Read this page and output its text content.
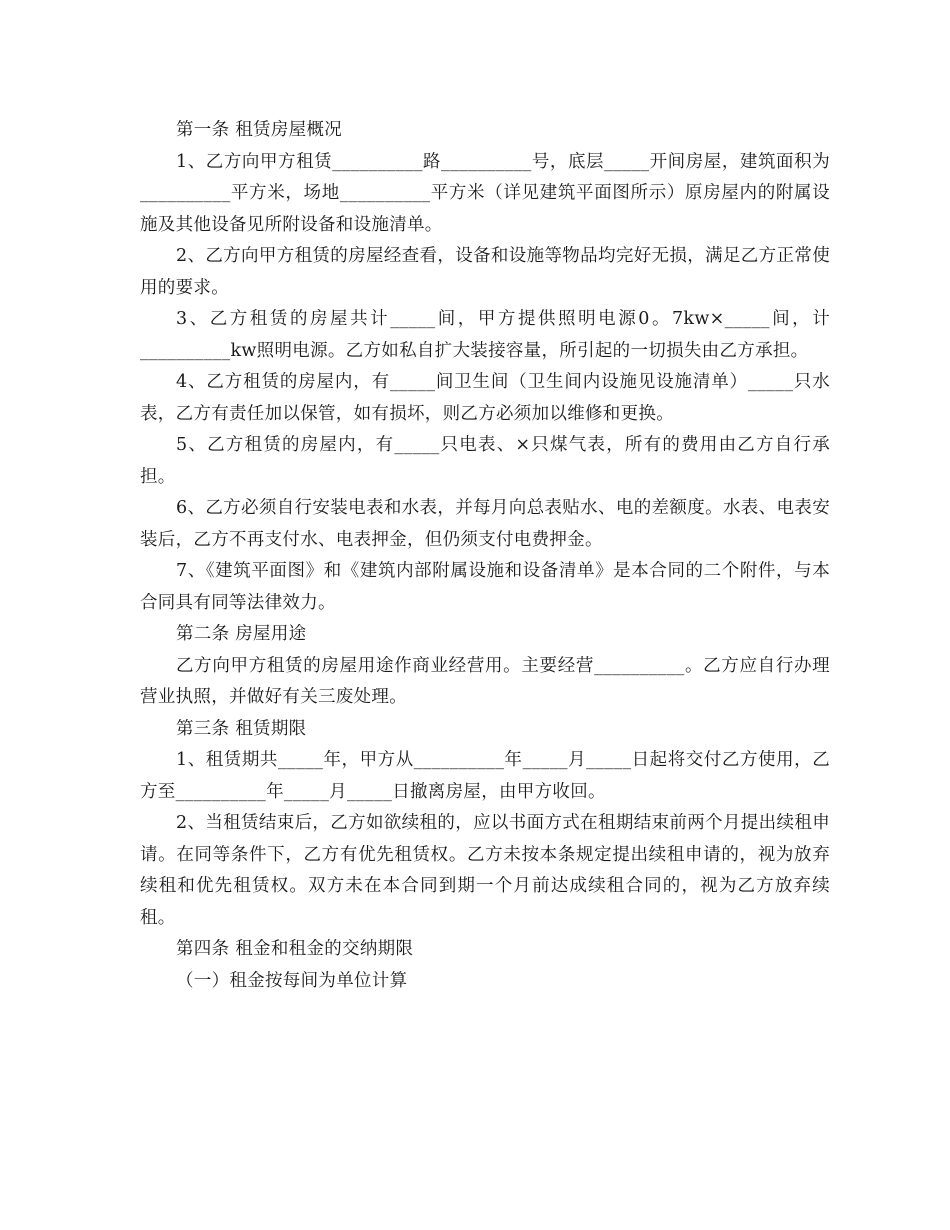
第一条 租赁房屋概况

1、乙方向甲方租赁__________路__________号，底层_____开间房屋，建筑面积为__________平方米，场地__________平方米（详见建筑平面图所示）原房屋内的附属设施及其他设备见所附设备和设施清单。

2、乙方向甲方租赁的房屋经查看，设备和设施等物品均完好无损，满足乙方正常使用的要求。

3、乙方租赁的房屋共计_____间，甲方提供照明电源0。7kw×_____间，计__________kw照明电源。乙方如私自扩大装接容量，所引起的一切损失由乙方承担。

4、乙方租赁的房屋内，有_____间卫生间（卫生间内设施见设施清单）_____只水表，乙方有责任加以保管，如有损坏，则乙方必须加以维修和更换。

5、乙方租赁的房屋内，有_____只电表、×只煤气表，所有的费用由乙方自行承担。

6、乙方必须自行安装电表和水表，并每月向总表贴水、电的差额度。水表、电表安装后，乙方不再支付水、电表押金，但仍须支付电费押金。

7、《建筑平面图》和《建筑内部附属设施和设备清单》是本合同的二个附件，与本合同具有同等法律效力。

第二条 房屋用途

乙方向甲方租赁的房屋用途作商业经营用。主要经营__________。乙方应自行办理营业执照，并做好有关三废处理。

第三条 租赁期限

1、租赁期共_____年，甲方从__________年_____月_____日起将交付乙方使用，乙方至__________年_____月_____日撤离房屋，由甲方收回。

2、当租赁结束后，乙方如欲续租的，应以书面方式在租期结束前两个月提出续租申请。在同等条件下，乙方有优先租赁权。乙方未按本条规定提出续租申请的，视为放弃续租和优先租赁权。双方未在本合同到期一个月前达成续租合同的，视为乙方放弃续租。

第四条 租金和租金的交纳期限

（一）租金按每间为单位计算
